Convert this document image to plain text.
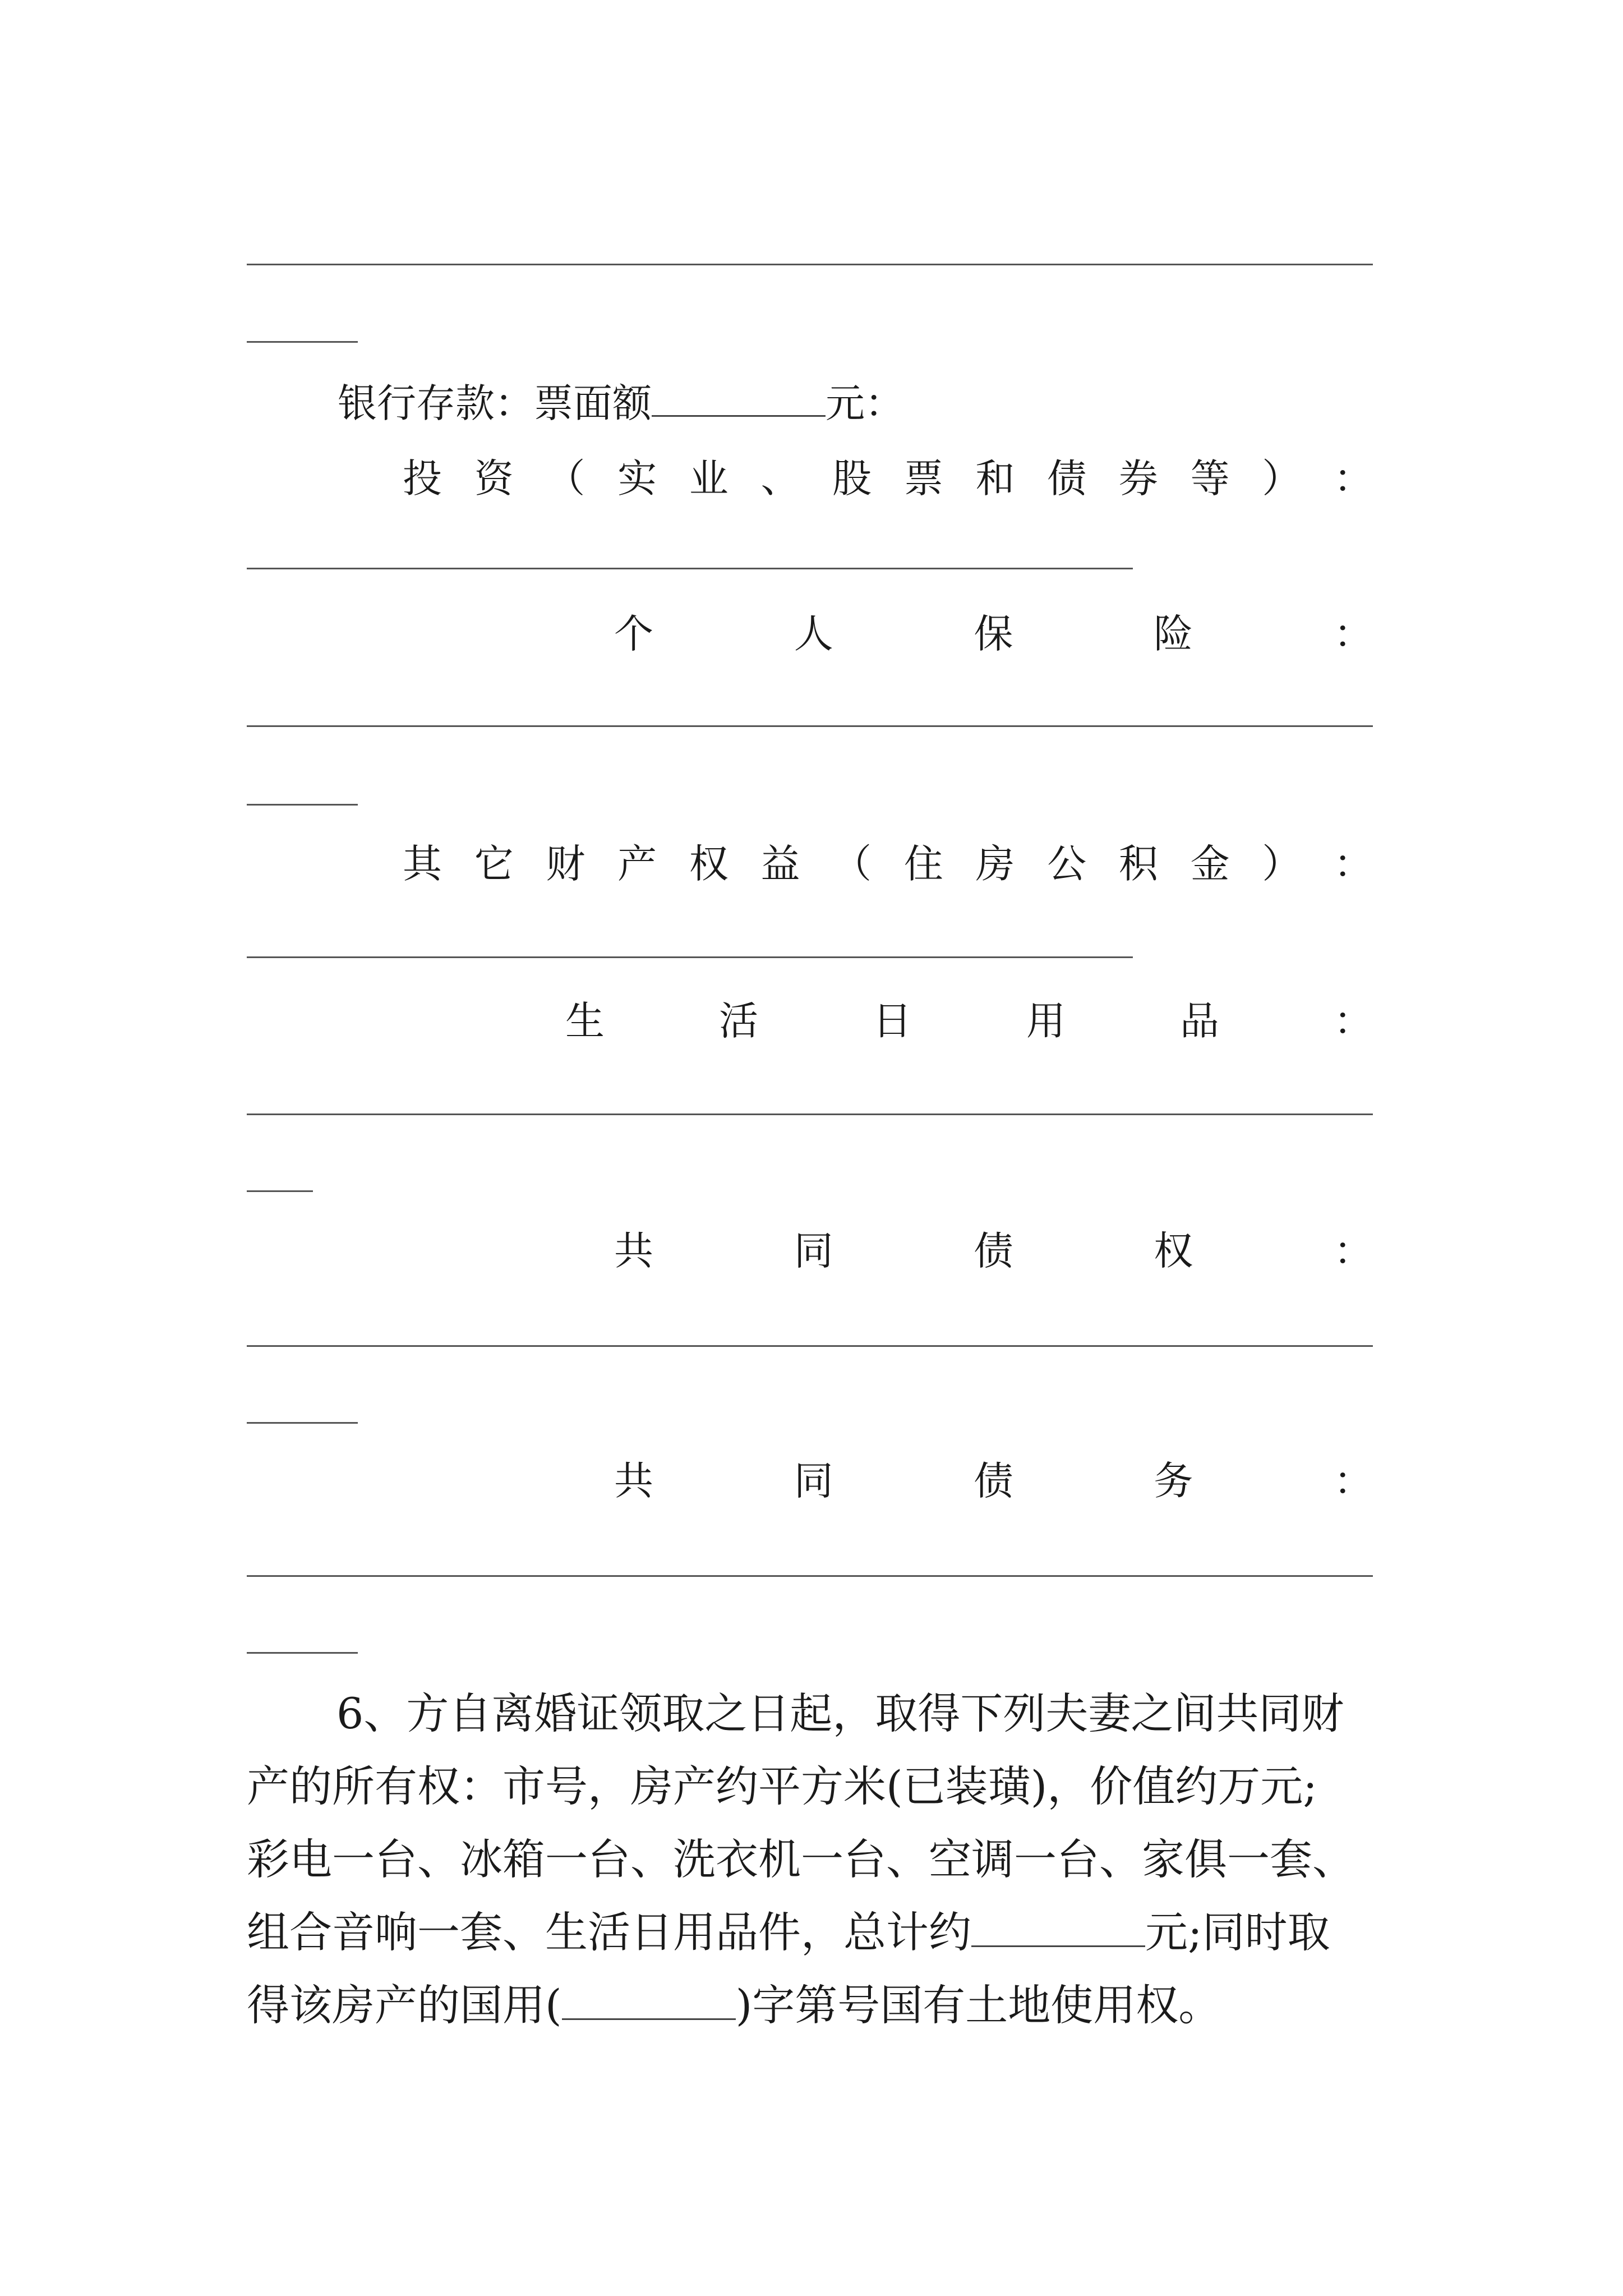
银行存款：票面额	元：
投 资 （ 实 业 、 股 票 和 债 券 等 ） ：
个	人	保	险	：
其 它 财 产 权 益 （ 住 房 公 积 金 ） ：
生	活	日	用	品	：
共	同	债	权	：
共	同	债	务	：
6、方自离婚证领取之日起，取得下列夫妻之间共同财
产的所有权：市号，房产约平方米(已装璜)，价值约万元;
彩电一台、冰箱一台、洗衣机一台、空调一台、家俱一套、
组合音响一套、生活日用品件，总计约	元;同时取
得该房产的国用(	)字第号国有土地使用权。
